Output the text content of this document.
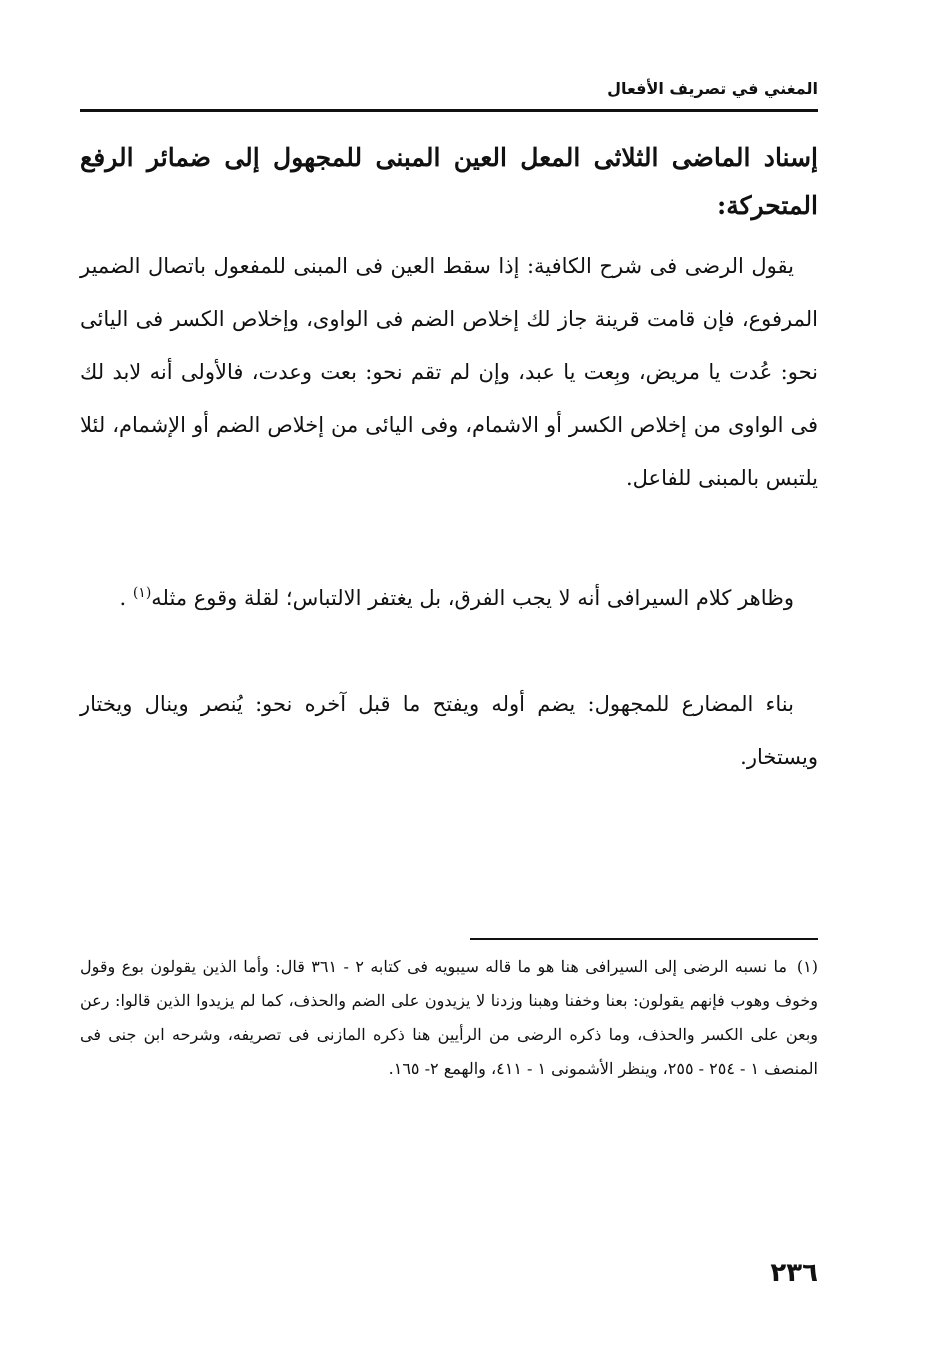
المغني في تصريف الأفعال
إسناد الماضى الثلاثى المعل العين المبنى للمجهول إلى ضمائر الرفع المتحركة:
يقول الرضى فى شرح الكافية: إذا سقط العين فى المبنى للمفعول باتصال الضمير المرفوع، فإن قامت قرينة جاز لك إخلاص الضم فى الواوى، وإخلاص الكسر فى اليائى نحو: عُدت يا مريض، وبِعت يا عبد، وإن لم تقم نحو: بعت وعدت، فالأولى أنه لابد لك فى الواوى من إخلاص الكسر أو الاشمام، وفى اليائى من إخلاص الضم أو الإشمام، لئلا يلتبس بالمبنى للفاعل.
وظاهر كلام السيرافى أنه لا يجب الفرق، بل يغتفر الالتباس؛ لقلة وقوع مثله$^{(١)}$ .
بناء المضارع للمجهول: يضم أوله ويفتح ما قبل آخره نحو: يُنصر وينال ويختار ويستخار.
(١)ما نسبه الرضى إلى السيرافى هنا هو ما قاله سيبويه فى كتابه ٢ - ٣٦١ قال: وأما الذين يقولون بوع وقول وخوف وهوب فإنهم يقولون: بعنا وخفنا وهبنا وزدنا لا يزيدون على الضم والحذف، كما لم يزيدوا الذين قالوا: رعن وبعن على الكسر والحذف، وما ذكره الرضى من الرأيين هنا ذكره المازنى فى تصريفه، وشرحه ابن جنى فى المنصف ١ - ٢٥٤ - ٢٥٥، وينظر الأشمونى ١ - ٤١١، والهمع ٢- ١٦٥.
٢٣٦
